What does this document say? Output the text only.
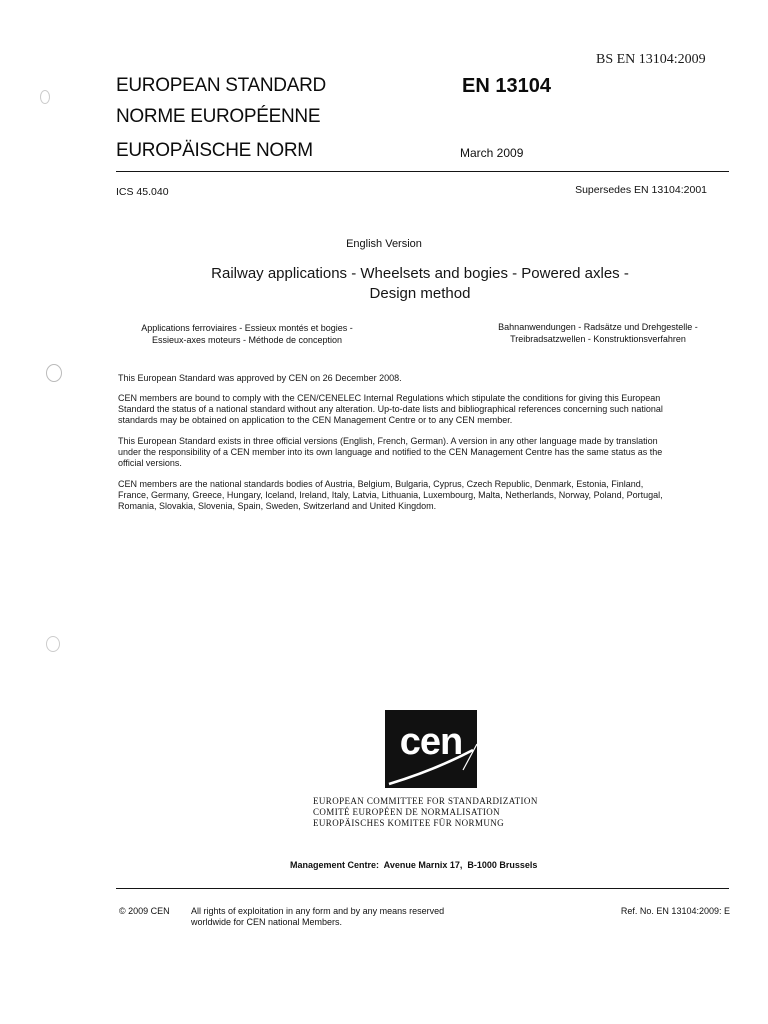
BS EN 13104:2009
EUROPEAN STANDARD
NORME EUROPÉENNE
EUROPÄISCHE NORM
EN 13104
March 2009
ICS 45.040	Supersedes EN 13104:2001
English Version
Railway applications - Wheelsets and bogies - Powered axles -
Design method
Applications ferroviaires - Essieux montés et bogies -
Essieux-axes moteurs - Méthode de conception
Bahnanwendungen - Radsätze und Drehgestelle -
Treibradsatzwellen - Konstruktionsverfahren
This European Standard was approved by CEN on 26 December 2008.
CEN members are bound to comply with the CEN/CENELEC Internal Regulations which stipulate the conditions for giving this European
Standard the status of a national standard without any alteration. Up-to-date lists and bibliographical references concerning such national
standards may be obtained on application to the CEN Management Centre or to any CEN member.
This European Standard exists in three official versions (English, French, German). A version in any other language made by translation
under the responsibility of a CEN member into its own language and notified to the CEN Management Centre has the same status as the
official versions.
CEN members are the national standards bodies of Austria, Belgium, Bulgaria, Cyprus, Czech Republic, Denmark, Estonia, Finland,
France, Germany, Greece, Hungary, Iceland, Ireland, Italy, Latvia, Lithuania, Luxembourg, Malta, Netherlands, Norway, Poland, Portugal,
Romania, Slovakia, Slovenia, Spain, Sweden, Switzerland and United Kingdom.
cen
EUROPEAN COMMITTEE FOR STANDARDIZATION
COMITÉ EUROPÉEN DE NORMALISATION
EUROPÄISCHES KOMITEE FÜR NORMUNG
Management Centre:  Avenue Marnix 17,  B-1000 Brussels
© 2009 CEN All rights of exploitation in any form and by any means reserved
worldwide for CEN national Members.
Ref. No. EN 13104:2009: E
